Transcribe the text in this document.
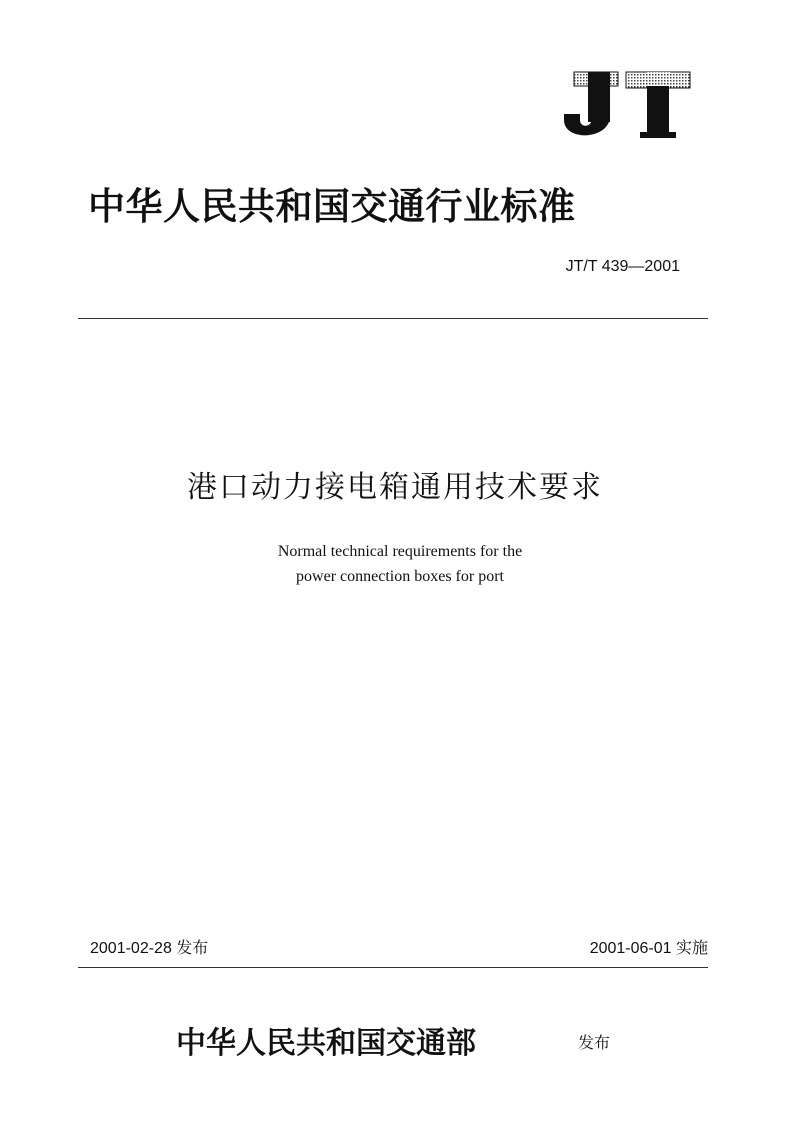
中华人民共和国交通行业标准
JT/T 439—2001
港口动力接电箱通用技术要求
Normal technical requirements for the
power connection boxes for port
2001-02-28 发布	2001-06-01 实施
中华人民共和国交通部	发布
